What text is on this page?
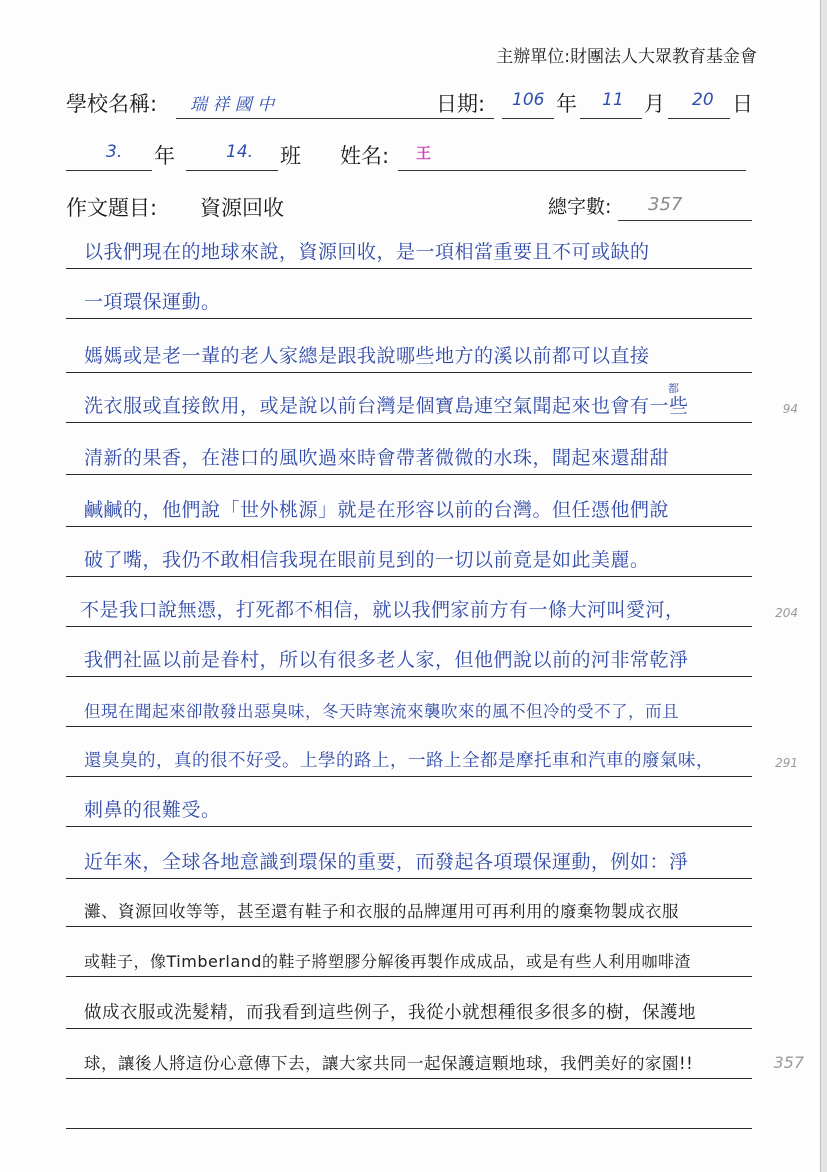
主辦單位:財團法人大眾教育基金會
學校名稱: 瑞 祥 國 中	日期: 106 年 11 月 20 日
3. 年	14. 班 姓名: 王
作文題目: 資源回收	總字數: 357
以我們現在的地球來說，資源回收，是一項相當重要且不可或缺的
一項環保運動。
媽媽或是老一輩的老人家總是跟我說哪些地方的溪以前都可以直接
洗衣服或直接飲用，或是說以前台灣是個寶島連空氣聞起來也會有一些
都
94
清新的果香，在港口的風吹過來時會帶著微微的水珠，聞起來還甜甜
鹹鹹的，他們說「世外桃源」就是在形容以前的台灣。但任憑他們說
破了嘴，我仍不敢相信我現在眼前見到的一切以前竟是如此美麗。
不是我口說無憑，打死都不相信，就以我們家前方有一條大河叫愛河，	204
我們社區以前是眷村，所以有很多老人家，但他們說以前的河非常乾淨
但現在聞起來卻散發出惡臭味，冬天時寒流來襲吹來的風不但冷的受不了，而且
還臭臭的，真的很不好受。上學的路上，一路上全都是摩托車和汽車的廢氣味，	291
刺鼻的很難受。
近年來，全球各地意識到環保的重要，而發起各項環保運動，例如：淨
灘、資源回收等等，甚至還有鞋子和衣服的品牌運用可再利用的廢棄物製成衣服
或鞋子，像Timberland的鞋子將塑膠分解後再製作成成品，或是有些人利用咖啡渣
做成衣服或洗髮精，而我看到這些例子，我從小就想種很多很多的樹，保護地
球，讓後人將這份心意傳下去，讓大家共同一起保護這顆地球，我們美好的家園!!	357
